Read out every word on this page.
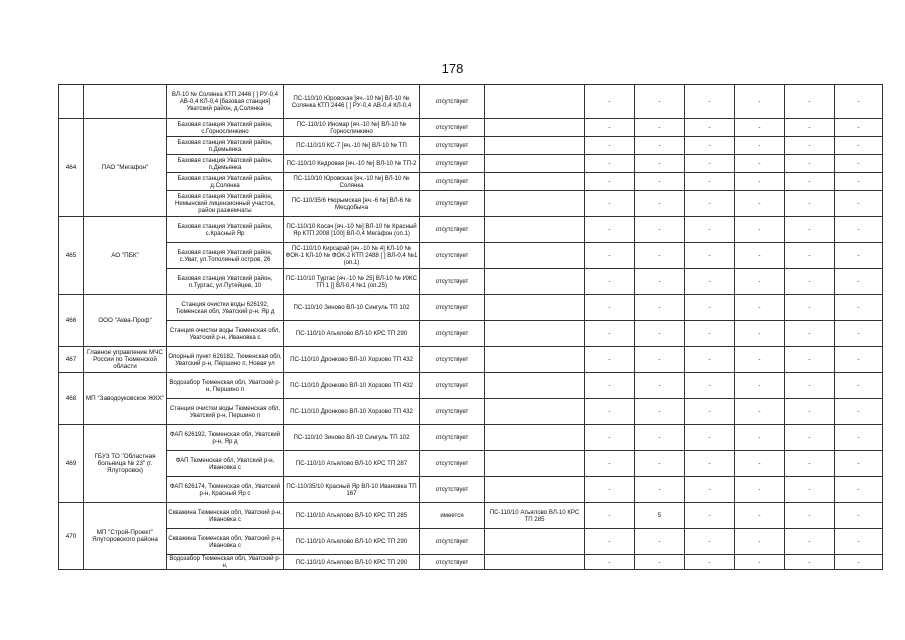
178
		ВЛ-10 № Солянка КТП 2446 [ ] РУ-0,4 АВ-0,4 КЛ-0,4 [базовая станция] Уватский район, д.Солянка	ПС-110/10 Юровская [яч.-10 №] ВЛ-10 № Солянка КТП 2446 [ ] РУ-0,4 АВ-0,4 КЛ-0,4	отсутствует		-	-	-	-	-	-
464	ПАО "Мегафон"	Базовая станция Уватский район, с.Горнослинкино	ПС-110/10 Инсмар [яч.-10 №] ВЛ-10 № Горнослинкино	отсутствует		-	-	-	-	-	-
		Базовая станция Уватский район, п.Демьянка	ПС-110/10 КС-7 [яч.-10 №] ВЛ-10 № ТП	отсутствует		-	-	-	-	-	-
		Базовая станция Уватский район, п.Демьянка	ПС-110/10 Кедровая [яч.-10 №] ВЛ-10 № ТП-2	отсутствует		-	-	-	-	-	-
		Базовая станция Уватский район, д.Солянка	ПС-110/10 Юровская [яч.-10 №] ВЛ-10 № Солянка	отсутствует		-	-	-	-	-	-
		Базовая станция Уватский район, Немынский лицензионный участок, район разжемчаты	ПС-110/35/6 Нюрымская [яч.-6 №] ВЛ-6 № Месдобыча	отсутствует		-	-	-	-	-	-
465	АО "ПБК"	Базовая станция Уватский район, с.Красный Яр	ПС-110/10 Косач [яч.-10 №] ВЛ-10 № Красный Яр КТП 2008 [100] ВЛ-0,4 Мегафон (оп.1)	отсутствует		-	-	-	-	-	-
		Базовая станция Уватский район, с.Уват, ул.Тополиный остров, 26	ПС-110/10 Кирсарай [яч.-10 № 4] КЛ-10 № ФОК-1 КЛ-10 № ФОК-2 КТП 2488 [ ] ВЛ-0,4 №1 (оп.1)	отсутствует		-	-	-	-	-	-
		Базовая станция Уватский район, п.Туртас, ул.Путейцев, 10	ПС-110/10 Туртас [яч.-10 № 25] ВЛ-10 № ИЖС ТП 1 [] ВЛ-0,4 №1 (оп.25)	отсутствует		-	-	-	-	-	-
466	ООО "Аква-Проф"	Станция очистки воды 626192, Тюменская обл, Уватский р-н, Яр д	ПС-110/10 Зиново ВЛ-10 Сингуль ТП 102	отсутствует		-	-	-	-	-	-
		Станция очистки воды Тюменская обл, Уватский р-н, Ивановка с	ПС-110/10 Атьялово ВЛ-10 КРС ТП 290	отсутствует		-	-	-	-	-	-
467	Главное управление МЧС России по Тюменской области	Опорный пункт 626182, Тюменская обл, Уватский р-н, Першино п, Новая ул	ПС-110/10 Дронково ВЛ-10 Хорзово ТП 432	отсутствует		-	-	-	-	-	-
468	МП "Заводоуковское ЖКХ"	Водозабор Тюменская обл, Уватский р-н, Першино п	ПС-110/10 Дронково ВЛ-10 Хорзово ТП 432	отсутствует		-	-	-	-	-	-
		Станция очистки воды Тюменская обл, Уватский р-н, Першино п	ПС-110/10 Дронково ВЛ-10 Хорзово ТП 432	отсутствует		-	-	-	-	-	-
469	ГБУЗ ТО "Областная больница № 23" (г. Ялуторовск)	ФАП 626192, Тюменская обл, Уватский р-н, Яр д	ПС-110/10 Зиново ВЛ-10 Сингуль ТП 102	отсутствует		-	-	-	-	-	-
		ФАП Тюменская обл, Уватский р-н, Ивановка с	ПС-110/10 Атьялово ВЛ-10 КРС ТП 287	отсутствует		-	-	-	-	-	-
		ФАП 626174, Тюменская обл, Уватский р-н, Красный Яр с	ПС-110/35/10 Красный Яр ВЛ-10 Ивановка ТП 167	отсутствует		-	-	-	-	-	-
470	МП "Строй-Проект" Ялуторовского района	Скважина Тюменская обл, Уватский р-н, Ивановка с	ПС-110/10 Атьялово ВЛ-10 КРС ТП 285	имеется	ПС-110/10 Атьялово ВЛ-10 КРС ТП 285	-	5	-	-	-	-
		Скважина Тюменская обл, Уватский р-н, Ивановка с	ПС-110/10 Атьялово ВЛ-10 КРС ТП 290	отсутствует		-	-	-	-	-	-
		Водозабор Тюменская обл, Уватский р-н,	ПС-110/10 Атьялово ВЛ-10 КРС ТП 290	отсутствует		-	-	-	-	-	-
